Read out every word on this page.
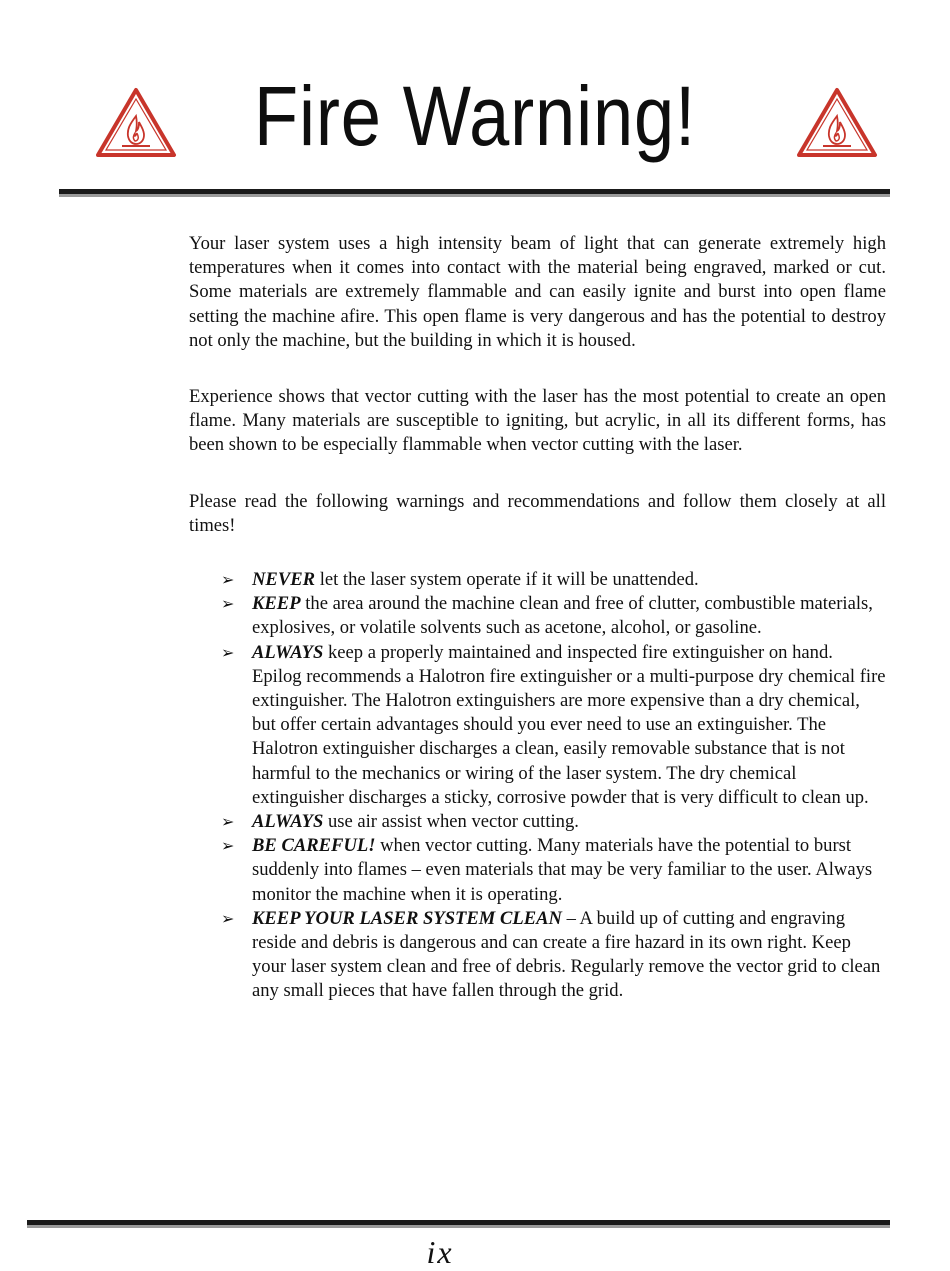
Fire Warning!

Your laser system uses a high intensity beam of light that can generate extremely high temperatures when it comes into contact with the material being engraved, marked or cut. Some materials are extremely flammable and can easily ignite and burst into open flame setting the machine afire. This open flame is very dangerous and has the potential to destroy not only the machine, but the building in which it is housed.

Experience shows that vector cutting with the laser has the most potential to create an open flame. Many materials are susceptible to igniting, but acrylic, in all its different forms, has been shown to be especially flammable when vector cutting with the laser.

Please read the following warnings and recommendations and follow them closely at all times!

➢ NEVER let the laser system operate if it will be unattended.
➢ KEEP the area around the machine clean and free of clutter, combustible materials, explosives, or volatile solvents such as acetone, alcohol, or gasoline.
➢ ALWAYS keep a properly maintained and inspected fire extinguisher on hand. Epilog recommends a Halotron fire extinguisher or a multi-purpose dry chemical fire extinguisher. The Halotron extinguishers are more expensive than a dry chemical, but offer certain advantages should you ever need to use an extinguisher. The Halotron extinguisher discharges a clean, easily removable substance that is not harmful to the mechanics or wiring of the laser system. The dry chemical extinguisher discharges a sticky, corrosive powder that is very difficult to clean up.
➢ ALWAYS use air assist when vector cutting.
➢ BE CAREFUL! when vector cutting. Many materials have the potential to burst suddenly into flames – even materials that may be very familiar to the user. Always monitor the machine when it is operating.
➢ KEEP YOUR LASER SYSTEM CLEAN – A build up of cutting and engraving reside and debris is dangerous and can create a fire hazard in its own right. Keep your laser system clean and free of debris. Regularly remove the vector grid to clean any small pieces that have fallen through the grid.
ix
